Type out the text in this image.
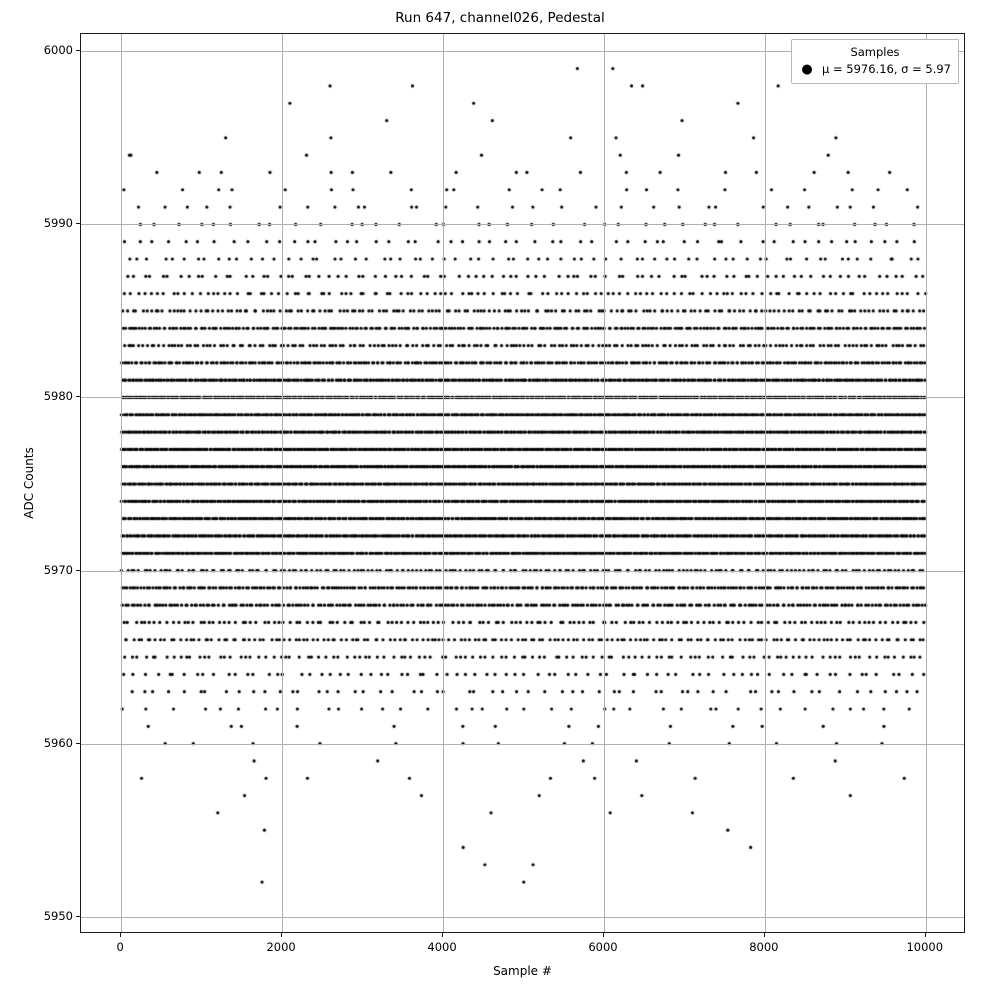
Run 647, channel026, Pedestal
Samples
● μ = 5976.16, σ = 5.97
0	2000	4000	6000	8000	10000
5950
5960
5970
5980
5990
6000
Sample #
ADC Counts
